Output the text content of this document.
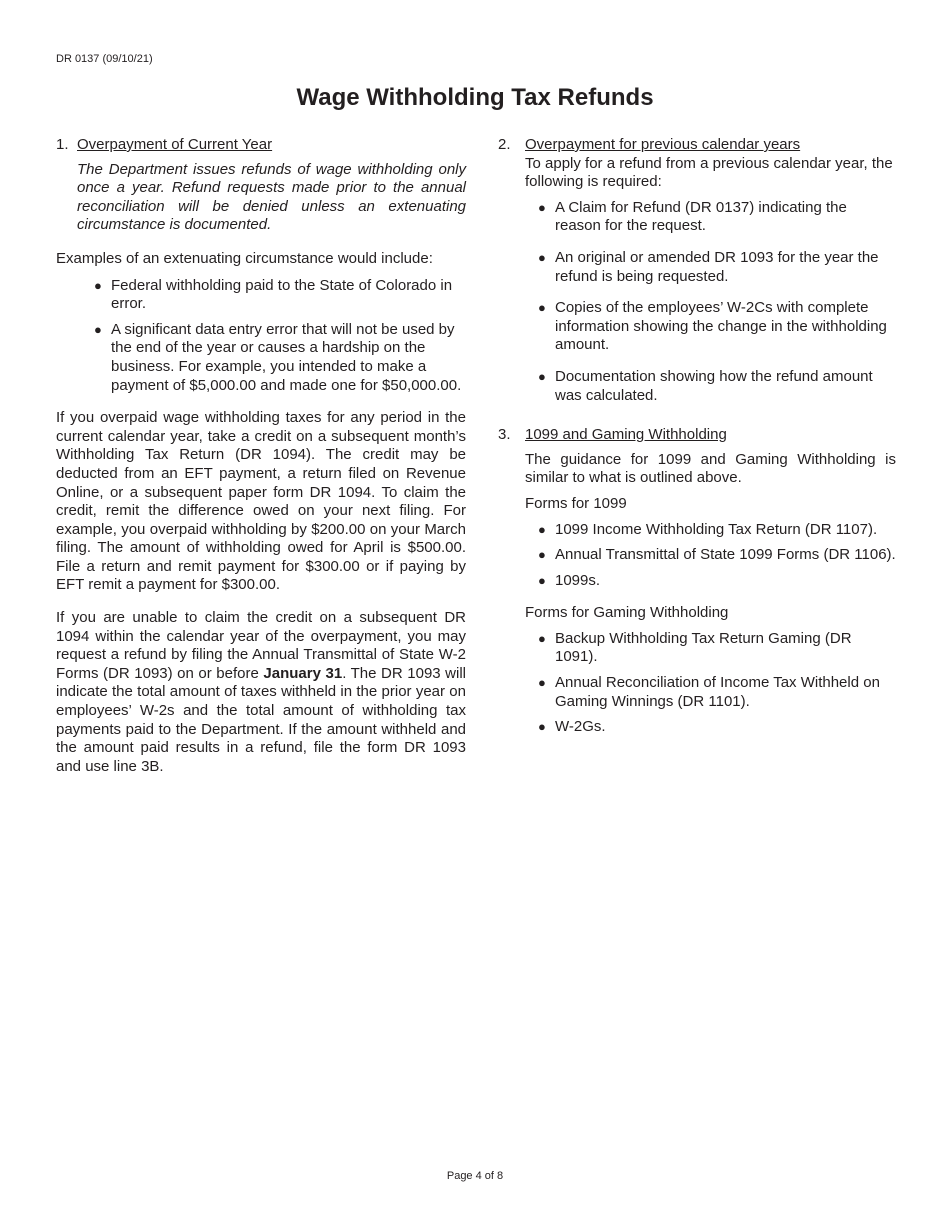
DR 0137 (09/10/21)
Wage Withholding Tax Refunds
1. Overpayment of Current Year

The Department issues refunds of wage withholding only once a year. Refund requests made prior to the annual reconciliation will be denied unless an extenuating circumstance is documented.

Examples of an extenuating circumstance would include:

● Federal withholding paid to the State of Colorado in error.
● A significant data entry error that will not be used by the end of the year or causes a hardship on the business. For example, you intended to make a payment of $5,000.00 and made one for $50,000.00.

If you overpaid wage withholding taxes for any period in the current calendar year, take a credit on a subsequent month’s Withholding Tax Return (DR 1094). The credit may be deducted from an EFT payment, a return filed on Revenue Online, or a subsequent paper form DR 1094. To claim the credit, remit the difference owed on your next filing. For example, you overpaid withholding by $200.00 on your March filing. The amount of withholding owed for April is $500.00. File a return and remit payment for $300.00 or if paying by EFT remit a payment for $300.00.

If you are unable to claim the credit on a subsequent DR 1094 within the calendar year of the overpayment, you may request a refund by filing the Annual Transmittal of State W-2 Forms (DR 1093) on or before January 31. The DR 1093 will indicate the total amount of taxes withheld in the prior year on employees’ W-2s and the total amount of withholding tax payments paid to the Department. If the amount withheld and the amount paid results in a refund, file the form DR 1093 and use line 3B.

2. Overpayment for previous calendar years

To apply for a refund from a previous calendar year, the following is required:

● A Claim for Refund (DR 0137) indicating the reason for the request.
● An original or amended DR 1093 for the year the refund is being requested.
● Copies of the employees’ W-2Cs with complete information showing the change in the withholding amount.
● Documentation showing how the refund amount was calculated.
3. 1099 and Gaming Withholding

The guidance for 1099 and Gaming Withholding is similar to what is outlined above.

Forms for 1099

● 1099 Income Withholding Tax Return (DR 1107).
● Annual Transmittal of State 1099 Forms (DR 1106).
● 1099s.

Forms for Gaming Withholding

● Backup Withholding Tax Return Gaming (DR 1091).
● Annual Reconciliation of Income Tax Withheld on Gaming Winnings (DR 1101).
● W-2Gs.
Page 4 of 8
